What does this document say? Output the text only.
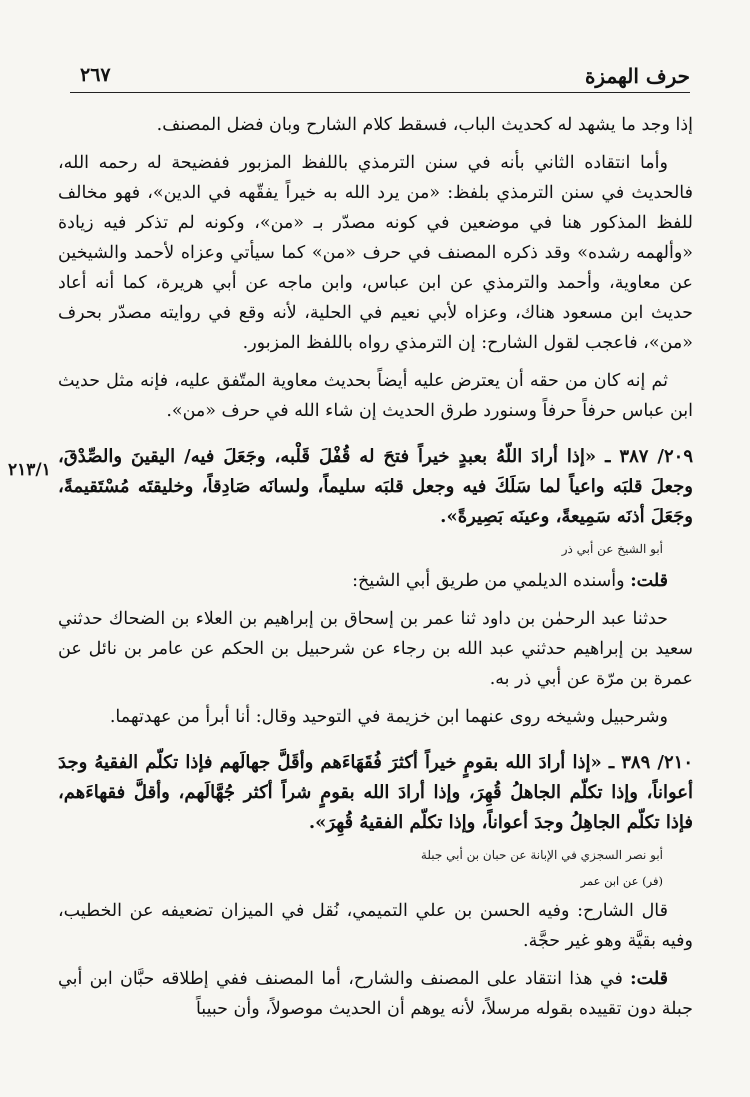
حرف الهمزة
٢٦٧
٢١٣/١

إذا وجد ما يشهد له كحديث الباب، فسقط كلام الشارح وبان فضل المصنف.

وأما انتقاده الثاني بأنه في سنن الترمذي باللفظ المزبور ففضيحة له رحمه الله، فالحديث في سنن الترمذي بلفظ: «من يرد الله به خيراً يفقّهه في الدين»، فهو مخالف للفظ المذكور هنا في موضعين في كونه مصدّر بـ «من»، وكونه لم تذكر فيه زيادة «وألهمه رشده» وقد ذكره المصنف في حرف «من» كما سيأتي وعزاه لأحمد والشيخين عن معاوية، وأحمد والترمذي عن ابن عباس، وابن ماجه عن أبي هريرة، كما أنه أعاد حديث ابن مسعود هناك، وعزاه لأبي نعيم في الحلية، لأنه وقع في روايته مصدّر بحرف «من»، فاعجب لقول الشارح: إن الترمذي رواه باللفظ المزبور.

ثم إنه كان من حقه أن يعترض عليه أيضاً بحديث معاوية المتّفق عليه، فإنه مثل حديث ابن عباس حرفاً حرفاً وسنورد طرق الحديث إن شاء الله في حرف «من».

٢٠٩/ ٣٨٧ ـ «إذا أرادَ اللّهُ بعبدٍ خيراً فتحَ له قُفْلَ قَلْبه، وجَعَلَ فيه/ اليقينَ والصِّدْقَ، وجعلَ قلبَه واعياً لما سَلَكَ فيه وجعل قلبَه سليماً، ولسانَه صَادِقاً، وخليقتَه مُسْتَقيمةً، وجَعَلَ أذنَه سَمِيعةً، وعينَه بَصِيرةً».

أبو الشيخ عن أبي ذر

قلت: وأسنده الديلمي من طريق أبي الشيخ:

حدثنا عبد الرحمٰن بن داود ثنا عمر بن إسحاق بن إبراهيم بن العلاء بن الضحاك حدثني سعيد بن إبراهيم حدثني عبد الله بن رجاء عن شرحبيل بن الحكم عن عامر بن نائل عن عمرة بن مرّة عن أبي ذر به.

وشرحبيل وشيخه روى عنهما ابن خزيمة في التوحيد وقال: أنا أبرأ من عهدتهما.

٢١٠/ ٣٨٩ ـ «إذا أرادَ الله بقومٍ خيراً أكثرَ فُقَهَاءَهم وأقَلَّ جهالَهم فإذا تكلّم الفقيهُ وجدَ أعواناً، وإذا تكلّم الجاهلُ قُهِرَ، وإذا أرادَ الله بقومٍ شراً أكثر جُهَّالَهم، وأقلَّ فقهاءَهم، فإذا تكلّم الجاهِلُ وجدَ أعواناً، وإذا تكلّم الفقيهُ قُهِرَ».

أبو نصر السجزي في الإبانة عن حبان بن أبي جبلة
(فر) عن ابن عمر

قال الشارح: وفيه الحسن بن علي التميمي، نُقل في الميزان تضعيفه عن الخطيب، وفيه بقيَّة وهو غير حجَّة.

قلت: في هذا انتقاد على المصنف والشارح، أما المصنف ففي إطلاقه حبَّان ابن أبي جبلة دون تقييده بقوله مرسلاً، لأنه يوهم أن الحديث موصولاً، وأن حبيباً
